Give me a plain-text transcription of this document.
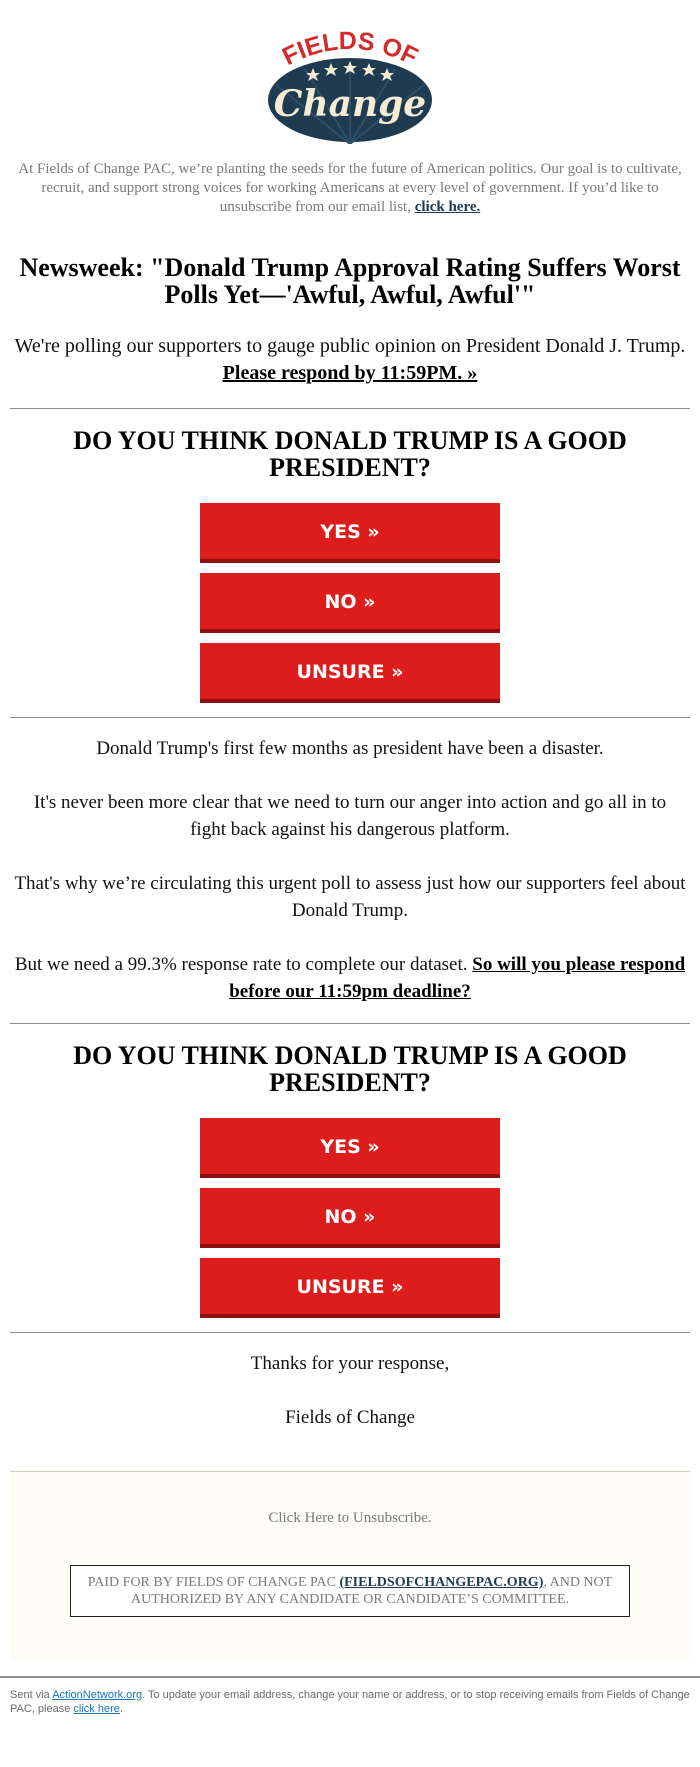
FIELDS OF
Change

At Fields of Change PAC, we’re planting the seeds for the future of American politics. Our goal is to cultivate, recruit, and support strong voices for working Americans at every level of government. If you’d like to unsubscribe from our email list, click here.

Newsweek: "Donald Trump Approval Rating Suffers Worst Polls Yet—'Awful, Awful, Awful'"

We're polling our supporters to gauge public opinion on President Donald J. Trump.
Please respond by 11:59PM. »

DO YOU THINK DONALD TRUMP IS A GOOD PRESIDENT?
YES »
NO »
UNSURE »

Donald Trump's first few months as president have been a disaster.

It's never been more clear that we need to turn our anger into action and go all in to fight back against his dangerous platform.

That's why we’re circulating this urgent poll to assess just how our supporters feel about Donald Trump.

But we need a 99.3% response rate to complete our dataset. So will you please respond before our 11:59pm deadline?

DO YOU THINK DONALD TRUMP IS A GOOD PRESIDENT?
YES »
NO »
UNSURE »

Thanks for your response,

Fields of Change

Click Here to Unsubscribe.

PAID FOR BY FIELDS OF CHANGE PAC (FIELDSOFCHANGEPAC.ORG), AND NOT AUTHORIZED BY ANY CANDIDATE OR CANDIDATE’S COMMITTEE.
Sent via ActionNetwork.org. To update your email address, change your name or address, or to stop receiving emails from Fields of Change PAC, please click here.
